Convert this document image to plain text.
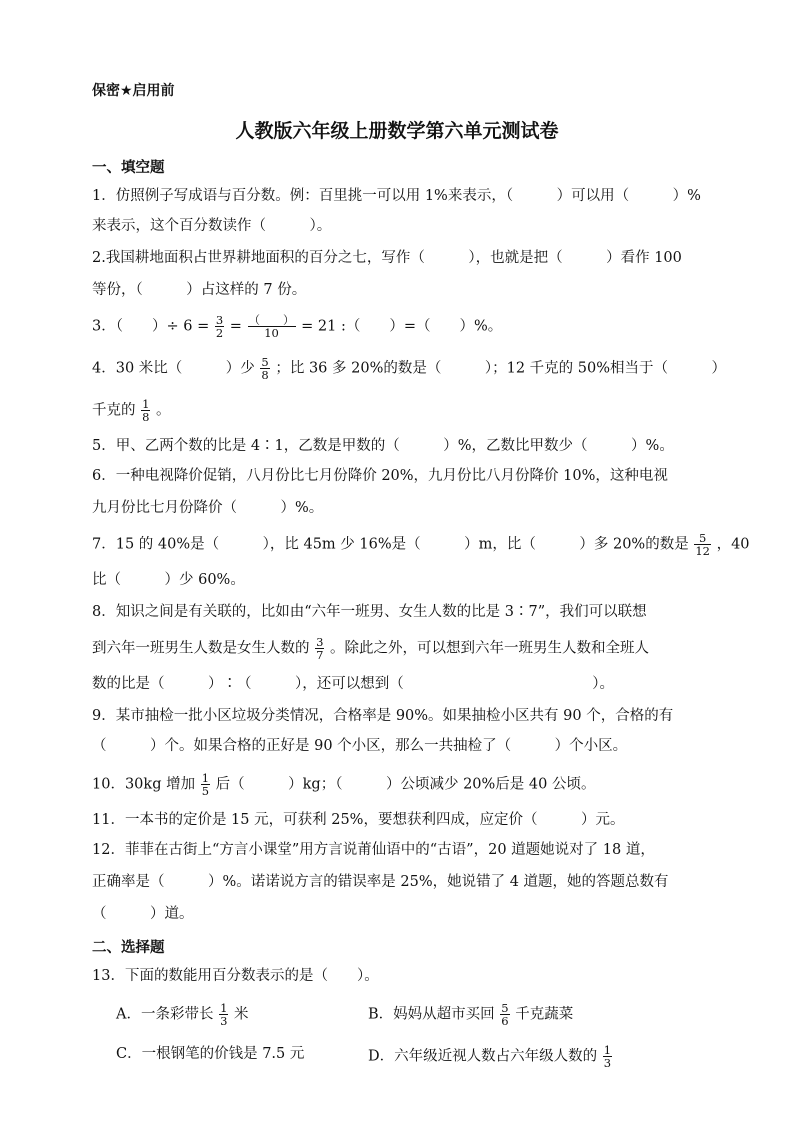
保密★启用前
人教版六年级上册数学第六单元测试卷
一、填空题
1．仿照例子写成语与百分数。例：百里挑一可以用 1%来表示，（　　　）可以用（　　　）%
来表示，这个百分数读作（　　　）。
2.我国耕地面积占世界耕地面积的百分之七，写作（　　　），也就是把（　　　）看作 100
等份，（　　　）占这样的 7 份。
3．（　　）÷ $6 = \frac{3}{2} = \frac{( )}{10} = 21$ :（　　）=（　　）%。
4．30 米比（　　　）少 $\frac{5}{8}$ ；比 36 多 20%的数是（　　　）；12 千克的 50%相当于（　　　）
千克的 $\frac{1}{8}$ 。
5．甲、乙两个数的比是 4∶1，乙数是甲数的（　　　）%，乙数比甲数少（　　　）%。
6．一种电视降价促销，八月份比七月份降价 20%，九月份比八月份降价 10%，这种电视
九月份比七月份降价（　　　）%。
7．15 的 40%是（　　　），比 45m 少 16%是（　　　）m，比（　　　）多 20%的数是 $\frac{5}{12}$ ，40
比（　　　）少 60%。
8．知识之间是有关联的，比如由“六年一班男、女生人数的比是 3∶7”，我们可以联想
到六年一班男生人数是女生人数的 $\frac{3}{7}$ 。除此之外，可以想到六年一班男生人数和全班人
数的比是（　　　）∶（　　　），还可以想到（　　　　　　　　　　　　　）。
9．某市抽检一批小区垃圾分类情况，合格率是 90%。如果抽检小区共有 90 个，合格的有
（　　　）个。如果合格的正好是 90 个小区，那么一共抽检了（　　　）个小区。
10．30kg 增加 $\frac{1}{5}$ 后（　　　）kg；（　　　）公顷减少 20%后是 40 公顷。
11．一本书的定价是 15 元，可获利 25%，要想获利四成，应定价（　　　）元。
12．菲菲在古街上“方言小课堂”用方言说莆仙语中的“古语”，20 道题她说对了 18 道，
正确率是（　　　）%。诺诺说方言的错误率是 25%，她说错了 4 道题，她的答题总数有
（　　　）道。
二、选择题
13．下面的数能用百分数表示的是（　　）。
A．一条彩带长 $\frac{1}{3}$ 米	B．妈妈从超市买回 $\frac{5}{6}$ 千克蔬菜
C．一根钢笔的价钱是 7.5 元	D．六年级近视人数占六年级人数的 $\frac{1}{3}$
